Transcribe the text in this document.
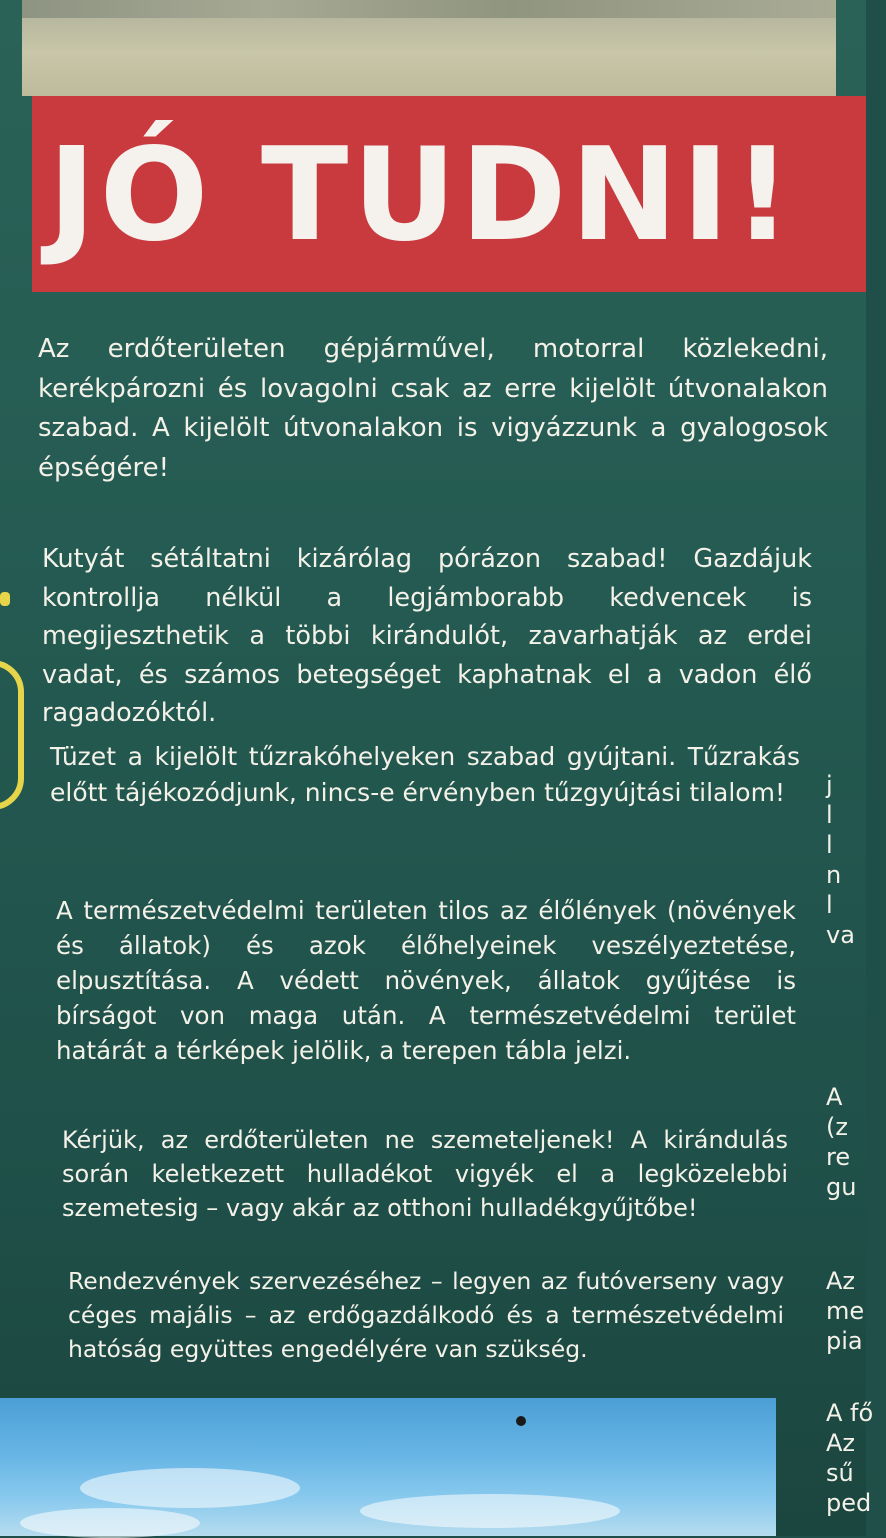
JÓ TUDNI!

Az erdőterületen gépjárművel, motorral közlekedni, kerékpározni és lovagolni csak az erre kijelölt útvonalakon szabad. A kijelölt útvonalakon is vigyázzunk a gyalogosok épségére!

Kutyát sétáltatni kizárólag pórázon szabad! Gazdájuk kontrollja nélkül a legjámborabb kedvencek is megijeszthetik a többi kirándulót, zavarhatják az erdei vadat, és számos betegséget kaphatnak el a vadon élő ragadozóktól.

Tüzet a kijelölt tűzrakóhelyeken szabad gyújtani. Tűzrakás előtt tájékozódjunk, nincs-e érvényben tűzgyújtási tilalom!

A természetvédelmi területen tilos az élőlények (növények és állatok) és azok élőhelyeinek veszélyeztetése, elpusztítása. A védett növények, állatok gyűjtése is bírságot von maga után. A természetvédelmi terület határát a térképek jelölik, a terepen tábla jelzi.

Kérjük, az erdőterületen ne szemeteljenek! A kirándulás során keletkezett hulladékot vigyék el a legközelebbi szemetesig – vagy akár az otthoni hulladékgyűjtőbe!

Rendezvények szervezéséhez – legyen az futóverseny vagy céges majális – az erdőgazdálkodó és a természetvédelmi hatóság együttes engedélyére van szükség.

j
l
l
n
l
va
A
(z
re
gu
Az
me
pia
A fő
Az
sű
ped
